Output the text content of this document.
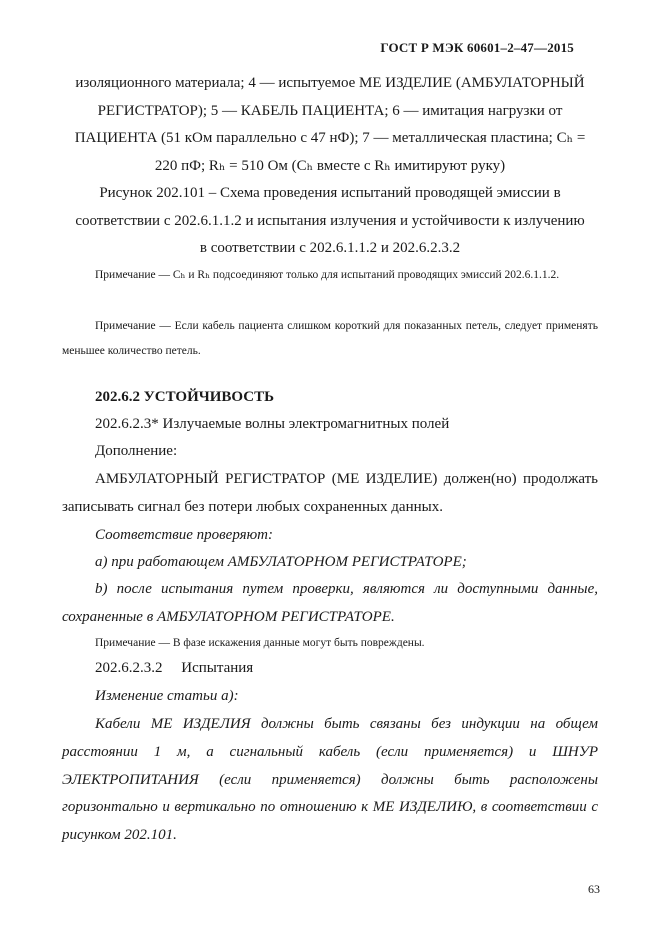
ГОСТ Р МЭК 60601–2–47—2015
изоляционного материала; 4 — испытуемое МЕ ИЗДЕЛИЕ (АМБУЛАТОРНЫЙ
РЕГИСТРАТОР); 5 — КАБЕЛЬ ПАЦИЕНТА; 6 — имитация нагрузки от
ПАЦИЕНТА (51 кОм параллельно с 47 нФ); 7 — металлическая пластина; Cₕ =
220 пФ; Rₕ = 510 Ом (Cₕ вместе с Rₕ имитируют руку)
Рисунок 202.101 – Схема проведения испытаний проводящей эмиссии в
соответствии с 202.6.1.1.2 и испытания излучения и устойчивости к излучению
в соответствии с 202.6.1.1.2 и 202.6.2.3.2

Примечание — Cₕ и Rₕ подсоединяют только для испытаний проводящих эмиссий 202.6.1.1.2.

Примечание — Если кабель пациента слишком короткий для показанных петель, следует применять меньшее количество петель.

202.6.2 УСТОЙЧИВОСТЬ
202.6.2.3* Излучаемые волны электромагнитных полей
Дополнение:

АМБУЛАТОРНЫЙ РЕГИСТРАТОР (МЕ ИЗДЕЛИЕ) должен(но) продолжать записывать сигнал без потери любых сохраненных данных.

Соответствие проверяют:
a) при работающем АМБУЛАТОРНОМ РЕГИСТРАТОРЕ;

b) после испытания путем проверки, являются ли доступными данные, сохраненные в АМБУЛАТОРНОМ РЕГИСТРАТОРЕ.

Примечание — В фазе искажения данные могут быть повреждены.
202.6.2.3.2     Испытания
Изменение статьи a):

Кабели МЕ ИЗДЕЛИЯ должны быть связаны без индукции на общем расстоянии 1 м, а сигнальный кабель (если применяется) и ШНУР ЭЛЕКТРОПИТАНИЯ (если применяется) должны быть расположены горизонтально и вертикально по отношению к МЕ ИЗДЕЛИЮ, в соответствии с рисунком 202.101.

63
